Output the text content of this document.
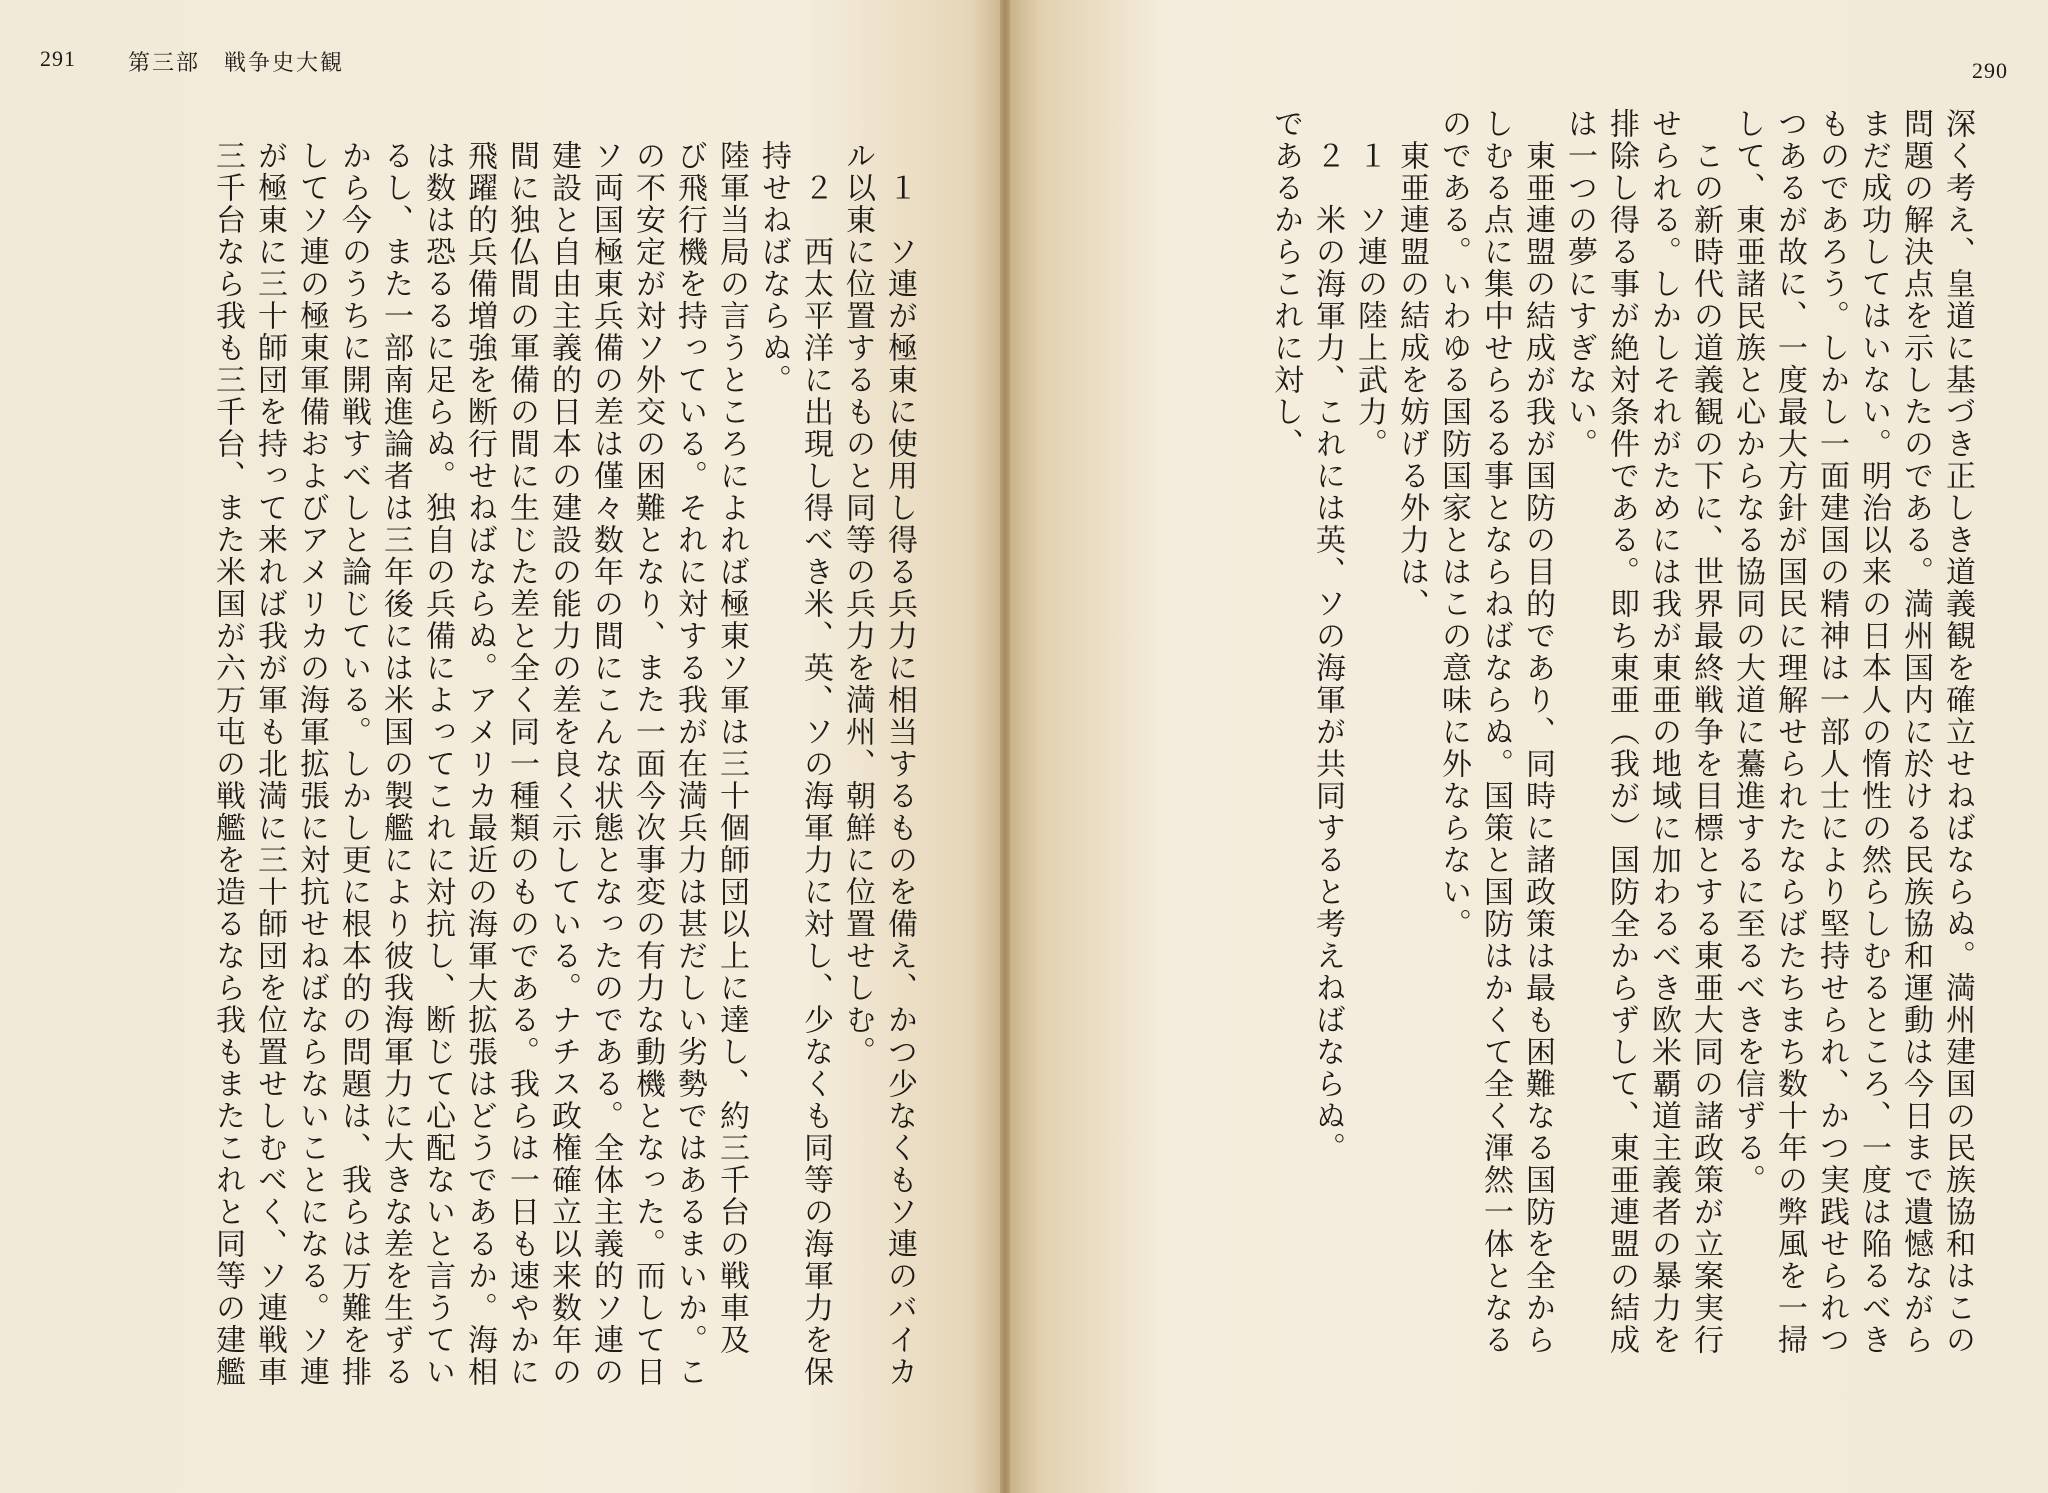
291 第三部　戦争史大観

　１　ソ連が極東に使用し得る兵力に相当するものを備え、かつ少なくもソ連のバイカ

ル以東に位置するものと同等の兵力を満州、朝鮮に位置せしむ。

　２　西太平洋に出現し得べき米、英、ソの海軍力に対し、少なくも同等の海軍力を保

持せねばならぬ。

陸軍当局の言うところによれば極東ソ軍は三十個師団以上に達し、約三千台の戦車及

び飛行機を持っている。それに対する我が在満兵力は甚だしい劣勢ではあるまいか。こ

の不安定が対ソ外交の困難となり、また一面今次事変の有力な動機となった。而して日

ソ両国極東兵備の差は僅々数年の間にこんな状態となったのである。全体主義的ソ連の

建設と自由主義的日本の建設の能力の差を良く示している。ナチス政権確立以来数年の

間に独仏間の軍備の間に生じた差と全く同一種類のものである。我らは一日も速やかに

飛躍的兵備増強を断行せねばならぬ。アメリカ最近の海軍大拡張はどうであるか。海相

は数は恐るるに足らぬ。独自の兵備によってこれに対抗し、断じて心配ないと言うてい

るし、また一部南進論者は三年後には米国の製艦により彼我海軍力に大きな差を生ずる

から今のうちに開戦すべしと論じている。しかし更に根本的の問題は、我らは万難を排

してソ連の極東軍備およびアメリカの海軍拡張に対抗せねばならないことになる。ソ連

が極東に三十師団を持って来れば我が軍も北満に三十師団を位置せしむべく、ソ連戦車

三千台なら我も三千台、また米国が六万屯の戦艦を造るなら我もまたこれと同等の建艦

290

深く考え、皇道に基づき正しき道義観を確立せねばならぬ。満州建国の民族協和はこの

問題の解決点を示したのである。満州国内に於ける民族協和運動は今日まで遺憾ながら

まだ成功してはいない。明治以来の日本人の惰性の然らしむるところ、一度は陥るべき

ものであろう。しかし一面建国の精神は一部人士により堅持せられ、かつ実践せられつ

つあるが故に、一度最大方針が国民に理解せられたならばたちまち数十年の弊風を一掃

して、東亜諸民族と心からなる協同の大道に驀進するに至るべきを信ずる。

　この新時代の道義観の下に、世界最終戦争を目標とする東亜大同の諸政策が立案実行

せられる。しかしそれがためには我が東亜の地域に加わるべき欧米覇道主義者の暴力を

排除し得る事が絶対条件である。即ち東亜（我が）国防全からずして、東亜連盟の結成

は一つの夢にすぎない。

　東亜連盟の結成が我が国防の目的であり、同時に諸政策は最も困難なる国防を全から

しむる点に集中せらるる事とならねばならぬ。国策と国防はかくて全く渾然一体となる

のである。いわゆる国防国家とはこの意味に外ならない。

　東亜連盟の結成を妨げる外力は、

　１　ソ連の陸上武力。

　２　米の海軍力、これには英、ソの海軍が共同すると考えねばならぬ。

であるからこれに対し、
